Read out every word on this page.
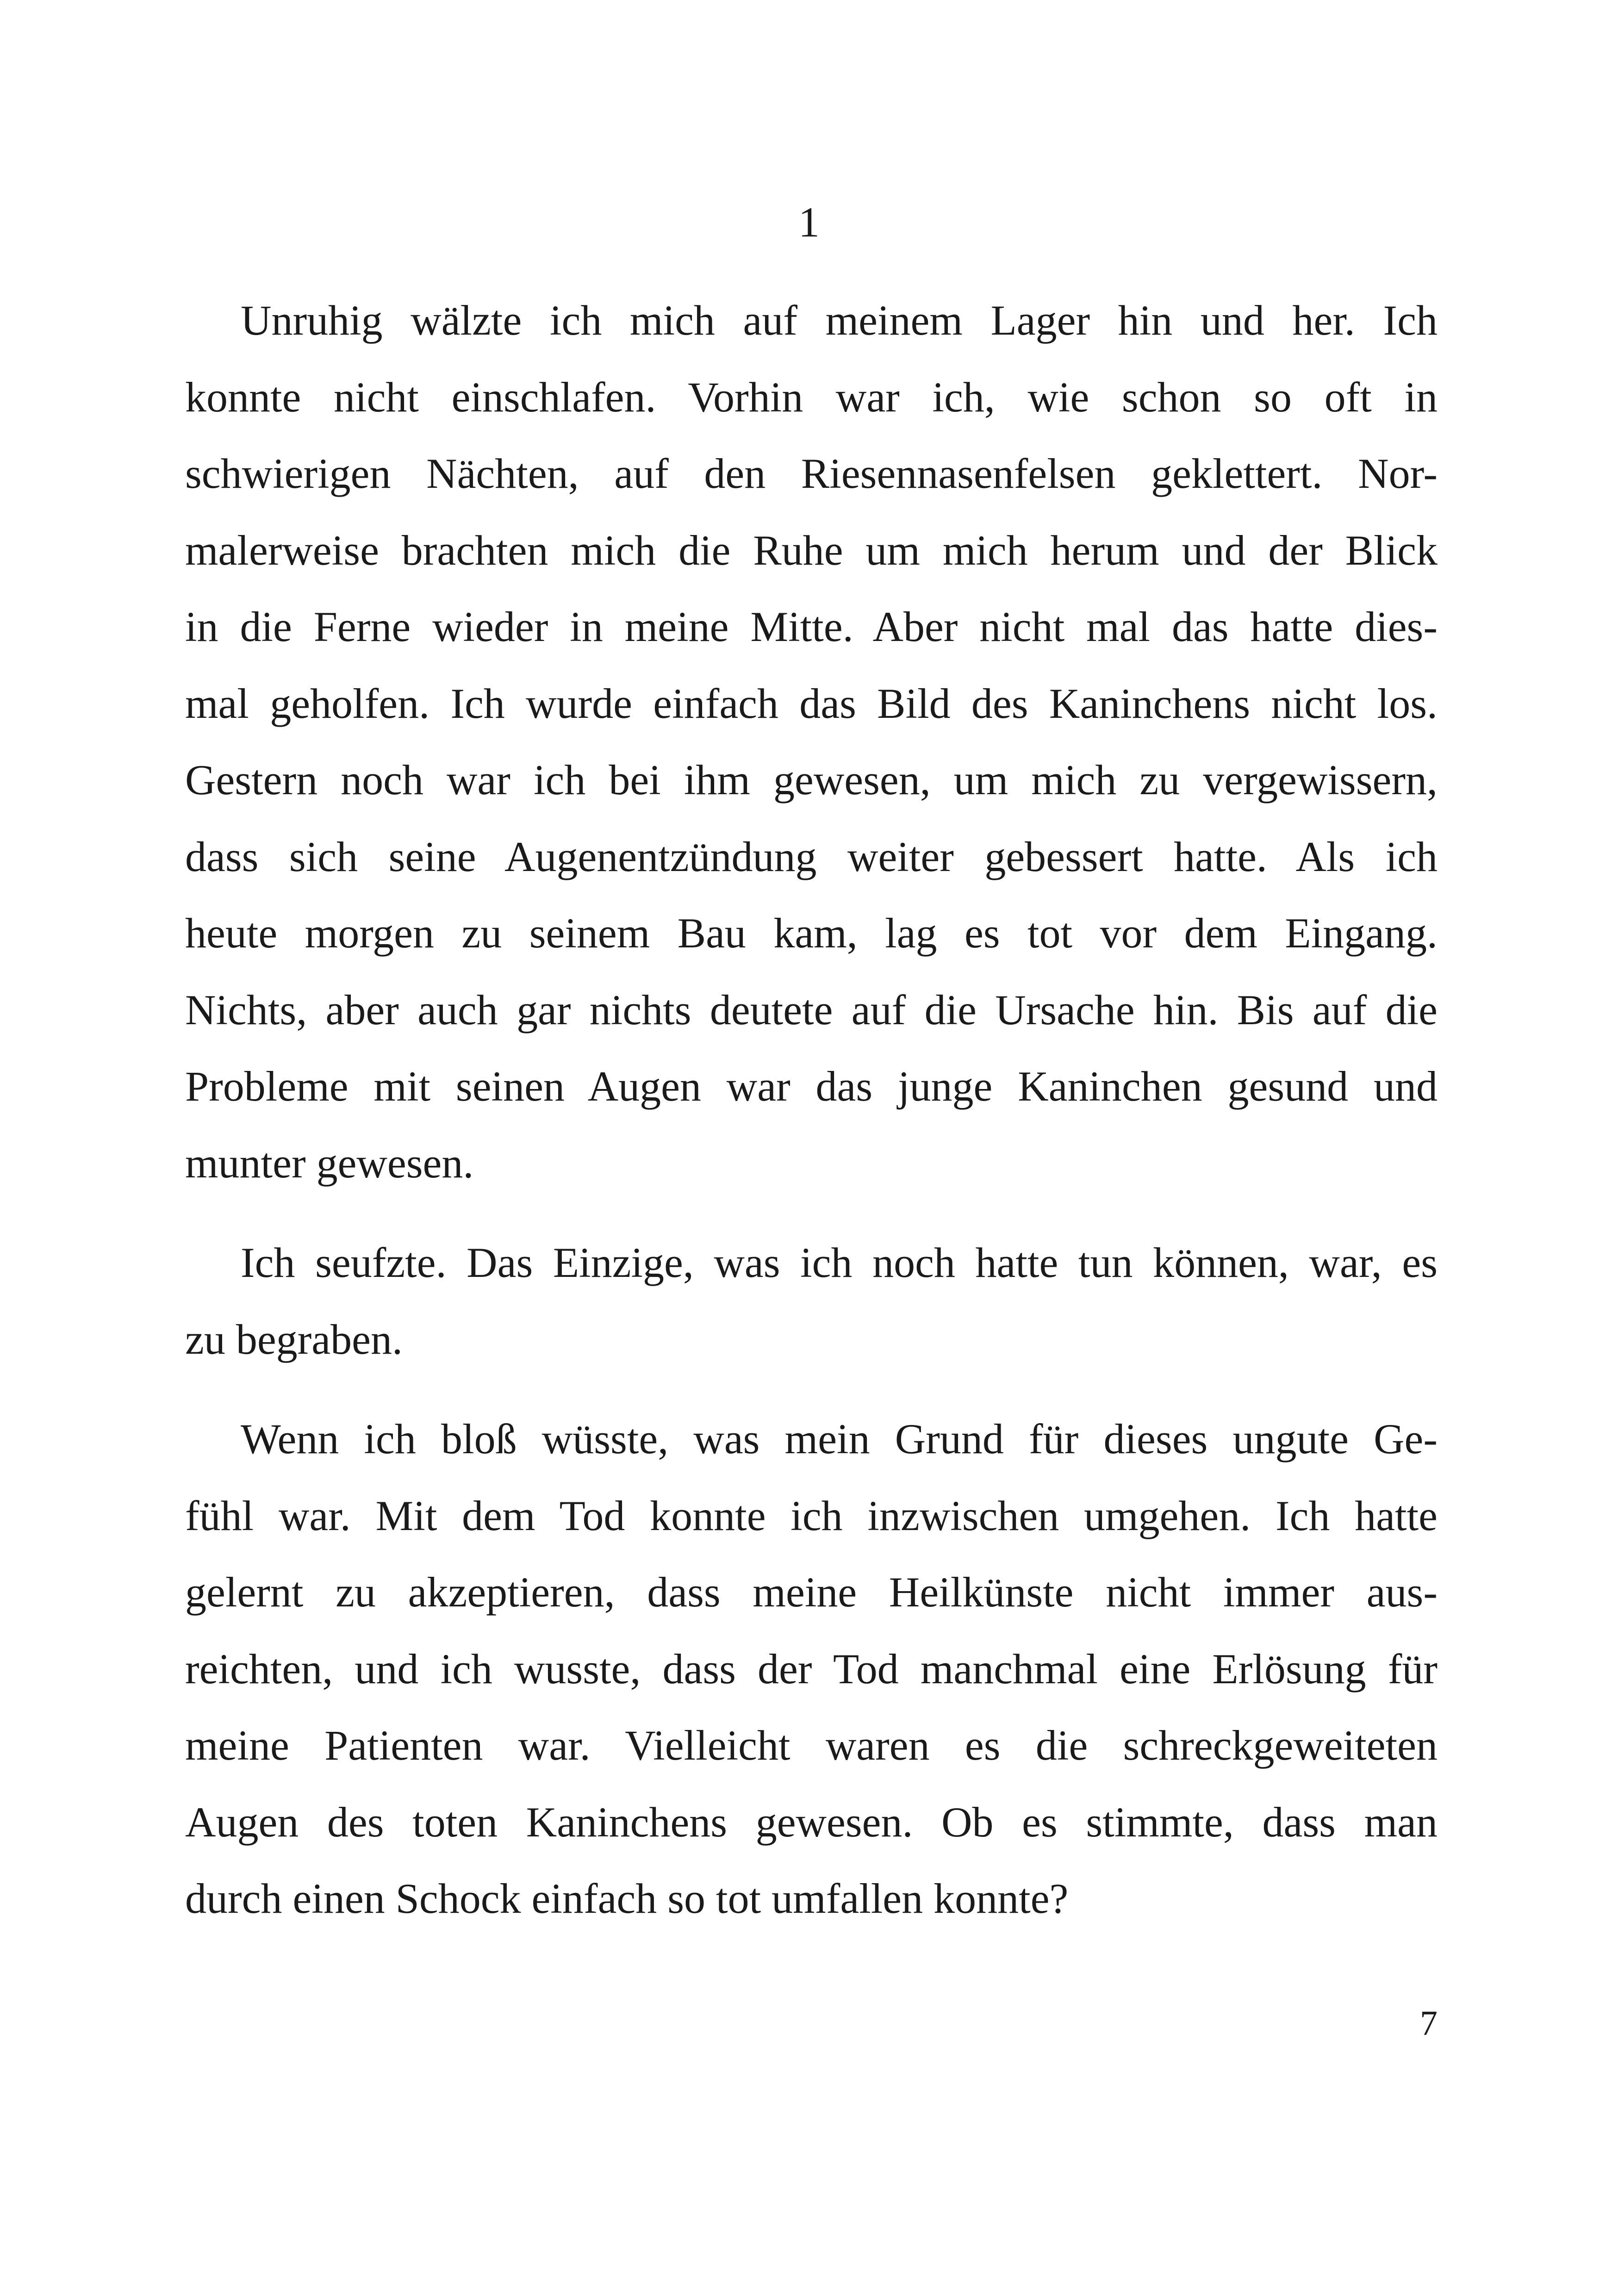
1

Unruhig wälzte ich mich auf meinem Lager hin und her. Ich
konnte nicht einschlafen. Vorhin war ich, wie schon so oft in
schwierigen Nächten, auf den Riesennasenfelsen geklettert. Nor-
malerweise brachten mich die Ruhe um mich herum und der Blick
in die Ferne wieder in meine Mitte. Aber nicht mal das hatte dies-
mal geholfen. Ich wurde einfach das Bild des Kaninchens nicht los.
Gestern noch war ich bei ihm gewesen, um mich zu vergewissern,
dass sich seine Augenentzündung weiter gebessert hatte. Als ich
heute morgen zu seinem Bau kam, lag es tot vor dem Eingang.
Nichts, aber auch gar nichts deutete auf die Ursache hin. Bis auf die
Probleme mit seinen Augen war das junge Kaninchen gesund und
munter gewesen.

Ich seufzte. Das Einzige, was ich noch hatte tun können, war, es
zu begraben.

Wenn ich bloß wüsste, was mein Grund für dieses ungute Ge-
fühl war. Mit dem Tod konnte ich inzwischen umgehen. Ich hatte
gelernt zu akzeptieren, dass meine Heilkünste nicht immer aus-
reichten, und ich wusste, dass der Tod manchmal eine Erlösung für
meine Patienten war. Vielleicht waren es die schreckgeweiteten
Augen des toten Kaninchens gewesen. Ob es stimmte, dass man
durch einen Schock einfach so tot umfallen konnte?

7
